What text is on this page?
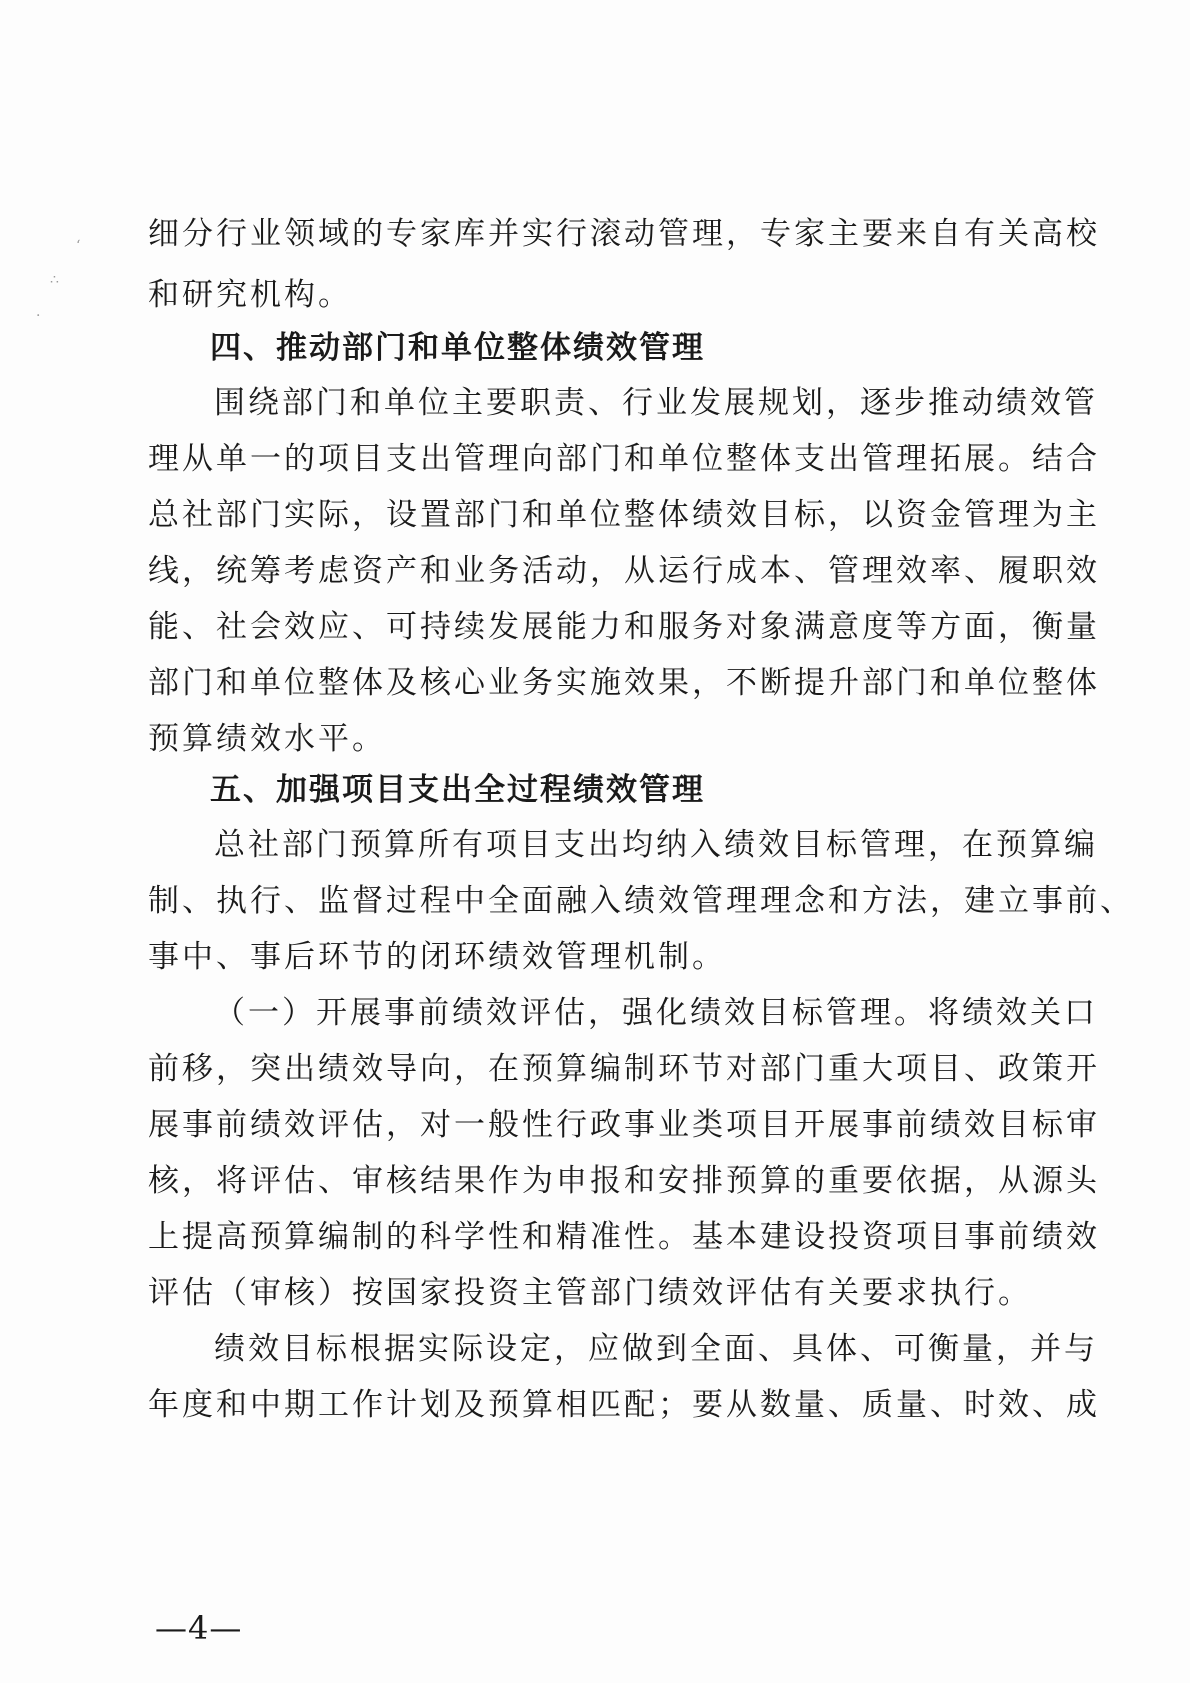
‘
∴
·
细分行业领域的专家库并实行滚动管理，专家主要来自有关高校
和研究机构。
四、推动部门和单位整体绩效管理
围绕部门和单位主要职责、行业发展规划，逐步推动绩效管
理从单一的项目支出管理向部门和单位整体支出管理拓展。结合
总社部门实际，设置部门和单位整体绩效目标，以资金管理为主
线，统筹考虑资产和业务活动，从运行成本、管理效率、履职效
能、社会效应、可持续发展能力和服务对象满意度等方面，衡量
部门和单位整体及核心业务实施效果，不断提升部门和单位整体
预算绩效水平。
五、加强项目支出全过程绩效管理
总社部门预算所有项目支出均纳入绩效目标管理，在预算编
制、执行、监督过程中全面融入绩效管理理念和方法，建立事前、
事中、事后环节的闭环绩效管理机制。
（一）开展事前绩效评估，强化绩效目标管理。将绩效关口
前移，突出绩效导向，在预算编制环节对部门重大项目、政策开
展事前绩效评估，对一般性行政事业类项目开展事前绩效目标审
核，将评估、审核结果作为申报和安排预算的重要依据，从源头
上提高预算编制的科学性和精准性。基本建设投资项目事前绩效
评估（审核）按国家投资主管部门绩效评估有关要求执行。
绩效目标根据实际设定，应做到全面、具体、可衡量，并与
年度和中期工作计划及预算相匹配；要从数量、质量、时效、成
—4—
